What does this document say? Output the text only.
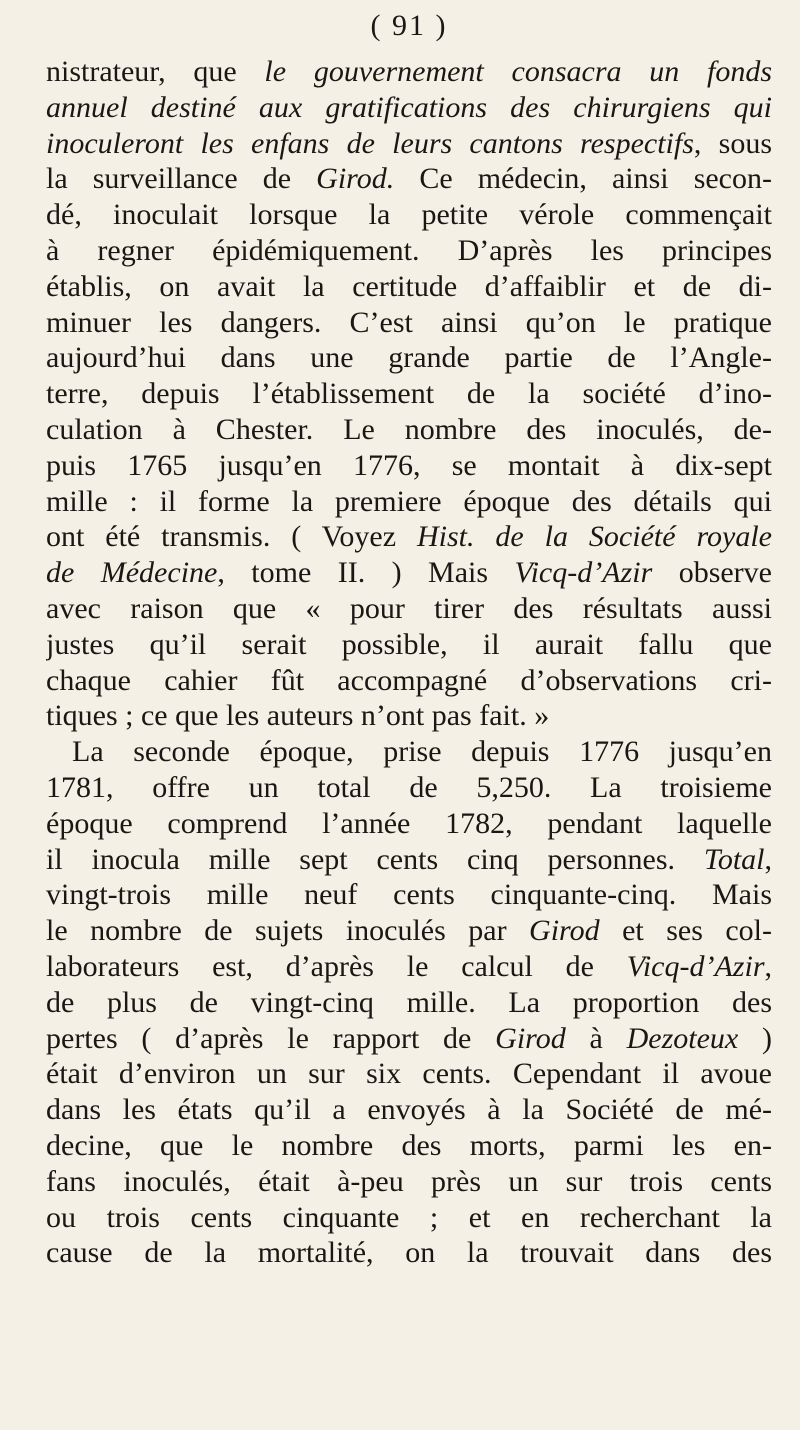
( 91 )
nistrateur, que le gouvernement consacra un fonds
annuel destiné aux gratifications des chirurgiens qui
inoculeront les enfans de leurs cantons respectifs, sous
la surveillance de Girod. Ce médecin, ainsi secon-
dé, inoculait lorsque la petite vérole commençait
à regner épidémiquement. D’après les principes
établis, on avait la certitude d’affaiblir et de di-
minuer les dangers. C’est ainsi qu’on le pratique
aujourd’hui dans une grande partie de l’Angle-
terre, depuis l’établissement de la société d’ino-
culation à Chester. Le nombre des inoculés, de-
puis 1765 jusqu’en 1776, se montait à dix-sept
mille : il forme la premiere époque des détails qui
ont été transmis. ( Voyez Hist. de la Société royale
de Médecine, tome II. ) Mais Vicq-d’Azir observe
avec raison que « pour tirer des résultats aussi
justes qu’il serait possible, il aurait fallu que
chaque cahier fût accompagné d’observations cri-
tiques ; ce que les auteurs n’ont pas fait. »
La seconde époque, prise depuis 1776 jusqu’en
1781, offre un total de 5,250. La troisieme
époque comprend l’année 1782, pendant laquelle
il inocula mille sept cents cinq personnes. Total,
vingt-trois mille neuf cents cinquante-cinq. Mais
le nombre de sujets inoculés par Girod et ses col-
laborateurs est, d’après le calcul de Vicq-d’Azir,
de plus de vingt-cinq mille. La proportion des
pertes ( d’après le rapport de Girod à Dezoteux )
était d’environ un sur six cents. Cependant il avoue
dans les états qu’il a envoyés à la Société de mé-
decine, que le nombre des morts, parmi les en-
fans inoculés, était à-peu près un sur trois cents
ou trois cents cinquante ; et en recherchant la
cause de la mortalité, on la trouvait dans des
